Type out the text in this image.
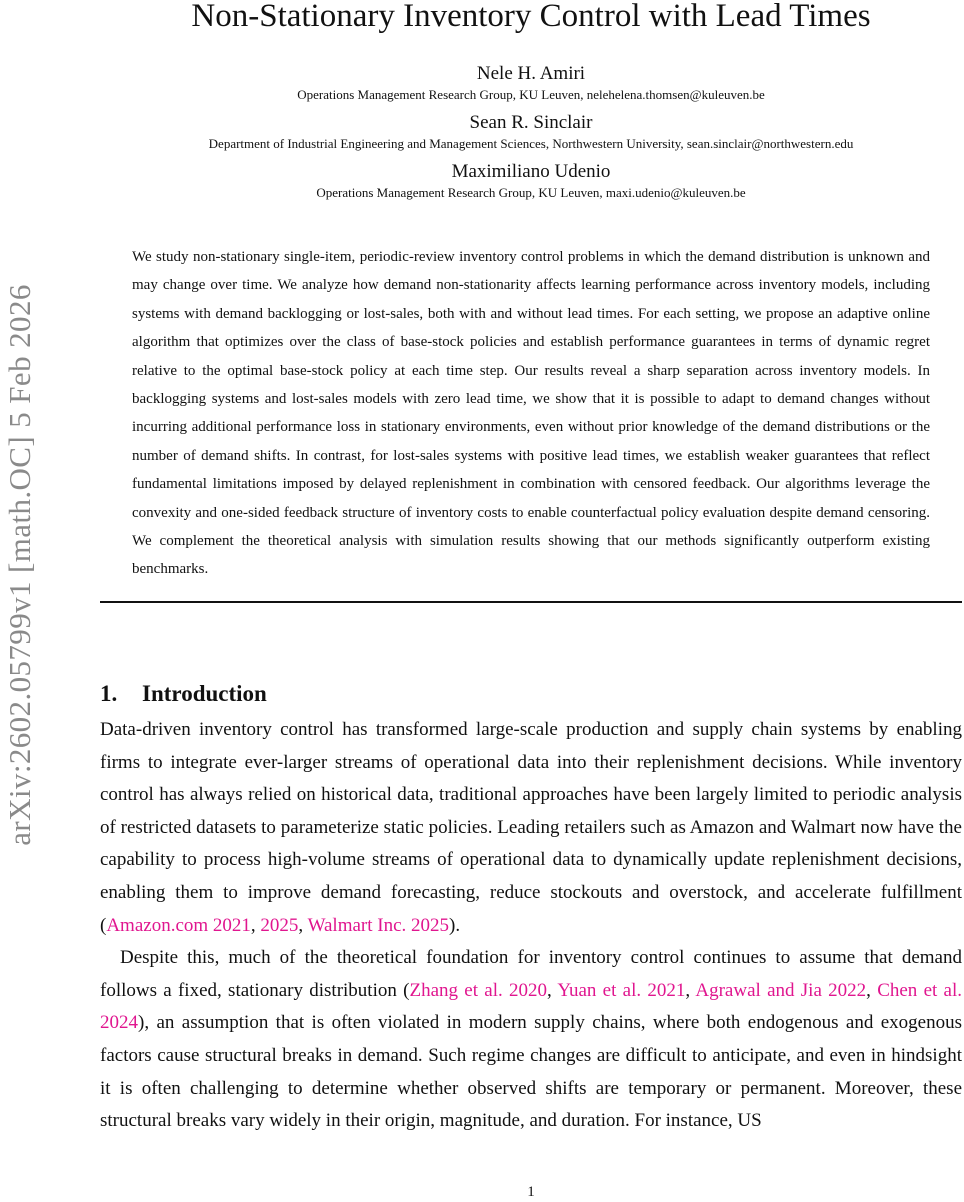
arXiv:2602.05799v1 [math.OC] 5 Feb 2026
Non-Stationary Inventory Control with Lead Times
Nele H. Amiri
Operations Management Research Group, KU Leuven, nelehelena.thomsen@kuleuven.be
Sean R. Sinclair
Department of Industrial Engineering and Management Sciences, Northwestern University, sean.sinclair@northwestern.edu
Maximiliano Udenio
Operations Management Research Group, KU Leuven, maxi.udenio@kuleuven.be

We study non-stationary single-item, periodic-review inventory control problems in which the demand distribution is unknown and may change over time. We analyze how demand non-stationarity affects learning performance across inventory models, including systems with demand backlogging or lost-sales, both with and without lead times. For each setting, we propose an adaptive online algorithm that optimizes over the class of base-stock policies and establish performance guarantees in terms of dynamic regret relative to the optimal base-stock policy at each time step. Our results reveal a sharp separation across inventory models. In backlogging systems and lost-sales models with zero lead time, we show that it is possible to adapt to demand changes without incurring additional performance loss in stationary environments, even without prior knowledge of the demand distributions or the number of demand shifts. In contrast, for lost-sales systems with positive lead times, we establish weaker guarantees that reflect fundamental limitations imposed by delayed replenishment in combination with censored feedback. Our algorithms leverage the convexity and one-sided feedback structure of inventory costs to enable counterfactual policy evaluation despite demand censoring. We complement the theoretical analysis with simulation results showing that our methods significantly outperform existing benchmarks.

1. Introduction

Data-driven inventory control has transformed large-scale production and supply chain systems by enabling firms to integrate ever-larger streams of operational data into their replenishment decisions. While inventory control has always relied on historical data, traditional approaches have been largely limited to periodic analysis of restricted datasets to parameterize static policies. Leading retailers such as Amazon and Walmart now have the capability to process high-volume streams of operational data to dynamically update replenishment decisions, enabling them to improve demand forecasting, reduce stockouts and overstock, and accelerate fulfillment (Amazon.com 2021, 2025, Walmart Inc. 2025).

Despite this, much of the theoretical foundation for inventory control continues to assume that demand follows a fixed, stationary distribution (Zhang et al. 2020, Yuan et al. 2021, Agrawal and Jia 2022, Chen et al. 2024), an assumption that is often violated in modern supply chains, where both endogenous and exogenous factors cause structural breaks in demand. Such regime changes are difficult to anticipate, and even in hindsight it is often challenging to determine whether observed shifts are temporary or permanent. Moreover, these structural breaks vary widely in their origin, magnitude, and duration. For instance, US

1
